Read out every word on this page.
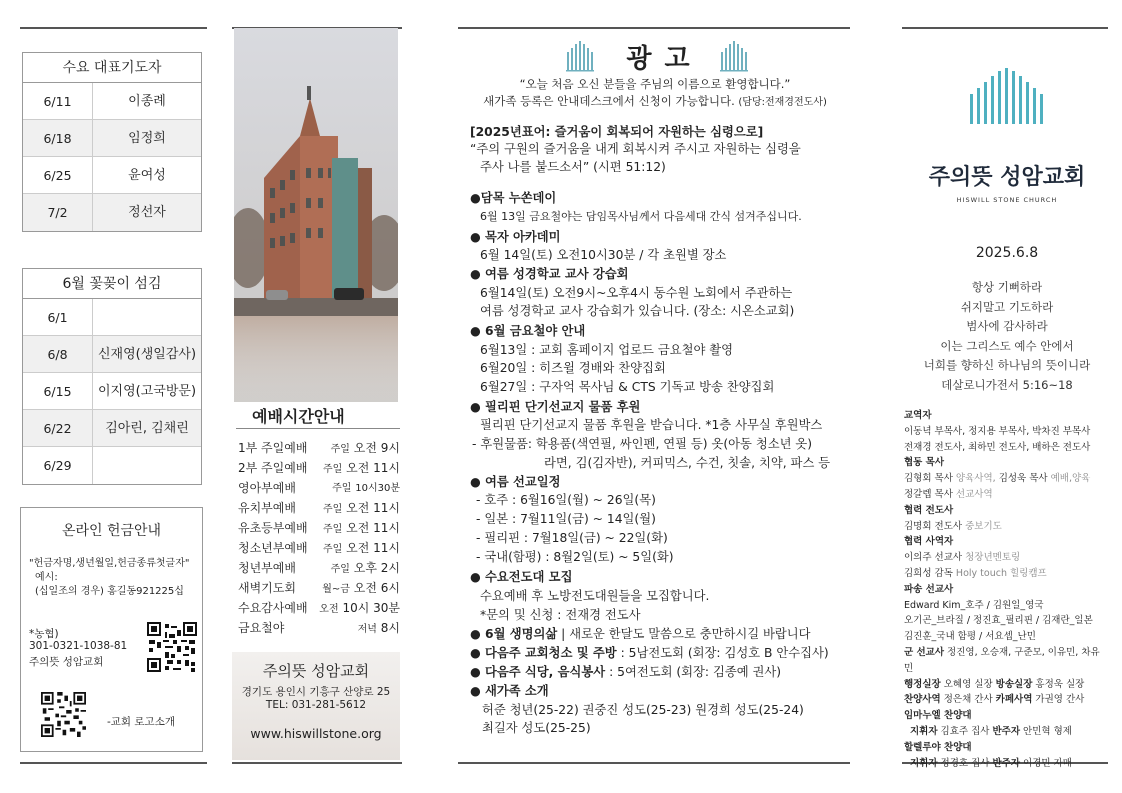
수요 대표기도자
6/11	이종례
6/18	임정희
6/25	윤여성
7/2	정선자
6월 꽃꽂이 섬김
6/1
6/8	신재영(생일감사)
6/15	이지영(고국방문)
6/22	김아린, 김채린
6/29
온라인 헌금안내
"헌금자명,생년월일,헌금종류첫글자"
예시:
(십일조의 경우) 홍길동921225십
*농협)
301-0321-1038-81
주의뜻 성암교회
-교회 로고소개
예배시간안내
1부 주일예배 주일 오전 9시
2부 주일예배 주일 오전 11시
영아부예배	주일 10시30분
유치부예배	주일 오전 11시
유초등부예배 주일 오전 11시
청소년부예배 주일 오전 11시
청년부예배	주일 오후 2시
새벽기도회	월~금 오전 6시
수요감사예배 오전 10시 30분
금요철야	저녁 8시
주의뜻 성암교회
경기도 용인시 기흥구 산양로 25
TEL: 031-281-5612
www.hiswillstone.org
광 고
“오늘 처음 오신 분들을 주님의 이름으로 환영합니다.”
새가족 등록은 안내데스크에서 신청이 가능합니다. (담당:전재경전도사)
[2025년표어: 즐거움이 회복되어 자원하는 심령으로]
“주의 구원의 즐거움을 내게 회복시켜 주시고 자원하는 심령을
주사 나를 붙드소서” (시편 51:12)
●담목 누쏜데이
6월 13일 금요철야는 담임목사님께서 다음세대 간식 섬겨주십니다.
● 목자 아카데미
6월 14일(토) 오전10시30분 / 각 초원별 장소
● 여름 성경학교 교사 강습회
6월14일(토) 오전9시~오후4시 동수원 노회에서 주관하는
여름 성경학교 교사 강습회가 있습니다. (장소: 시온소교회)
● 6월 금요철야 안내
6월13일 : 교회 홈페이지 업로드 금요철야 촬영
6월20일 : 히즈윌 경배와 찬양집회
6월27일 : 구자억 목사님 & CTS 기독교 방송 찬양집회
● 필리핀 단기선교지 물품 후원
필리핀 단기선교지 물품 후원을 받습니다. *1층 사무실 후원박스
- 후원물품: 학용품(색연필, 싸인펜, 연필 등) 옷(아동 청소년 옷)
라면, 김(김자반), 커피믹스, 수건, 칫솔, 치약, 파스 등
● 여름 선교일정
- 호주 : 6월16일(월) ~ 26일(목)
- 일본 : 7월11일(금) ~ 14일(월)
- 필리핀 : 7월18일(금) ~ 22일(화)
- 국내(함평) : 8월2일(토) ~ 5일(화)
● 수요전도대 모집
수요예배 후 노방전도대원들을 모집합니다.
*문의 및 신청 : 전재경 전도사
● 6월 생명의삶 | 새로운 한달도 말씀으로 충만하시길 바랍니다
● 다음주 교회청소 및 주방 : 5남전도회 (회장: 김성호 B 안수집사)
● 다음주 식당, 음식봉사 : 5여전도회 (회장: 김종예 권사)
● 새가족 소개
허준 청년(25-22) 권중진 성도(25-23) 원경희 성도(25-24)
최길자 성도(25-25)
주의뜻 성암교회
HISWILL STONE CHURCH
2025.6.8
항상 기뻐하라
쉬지말고 기도하라
범사에 감사하라
이는 그리스도 예수 안에서
너희를 향하신 하나님의 뜻이니라
데살로니가전서 5:16~18
교역자
이동녁 부목사, 정지용 부목사, 박차진 부목사
전재경 전도사, 최하민 전도사, 배하은 전도사
협동 목사
김형회 목사 양육사역, 김성욱 목사 예배,양육
정갈렙 목사 선교사역
협력 전도사
김명회 전도사 중보기도
협력 사역자
이의주 선교사 청장년멘토링
김희성 감독 Holy touch 힐링캠프
파송 선교사
Edward Kim_호주 / 김원일_영국
오기곤_브라질 / 정진효_필리핀 / 김재란_일본
김진훈_국내 함평 / 서요셉_난민
군 선교사 정진영, 오승재, 구준모, 이유민, 차유민
행정실장 오혜영 실장 방송실장 홍정욱 실장
찬양사역 정은채 간사 카페사역 가권영 간사
임마누엘 찬양대
지휘자 김효주 집사 반주자 안민혁 형제
할렐루야 찬양대
지휘자 정경호 집사 반주자 이경민 자매
